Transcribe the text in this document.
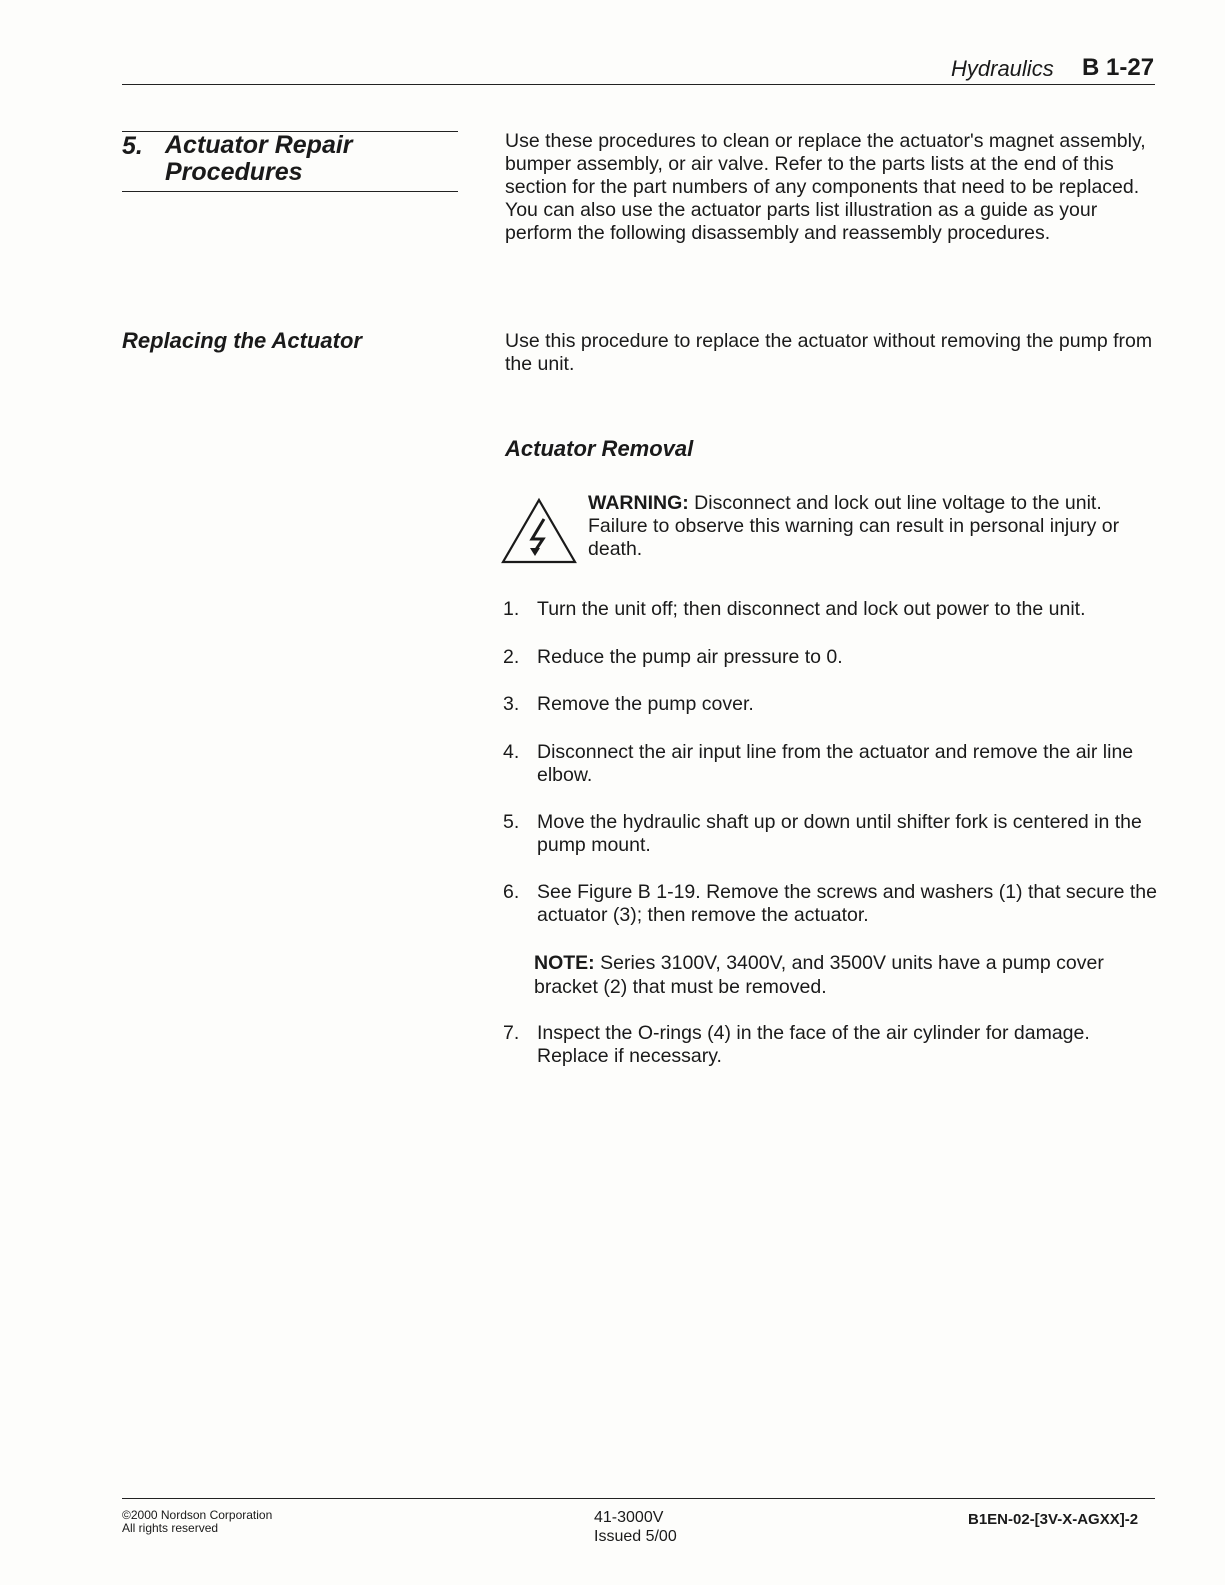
Hydraulics B 1-27
5. Actuator Repair
Procedures
Replacing the Actuator
Use these procedures to clean or replace the actuator's magnet assembly, bumper assembly, or air valve. Refer to the parts lists at the end of this section for the part numbers of any components that need to be replaced. You can also use the actuator parts list illustration as a guide as your perform the following disassembly and reassembly procedures.
Use this procedure to replace the actuator without removing the pump from the unit.
Actuator Removal
WARNING: Disconnect and lock out line voltage to the unit. Failure to observe this warning can result in personal injury or death.
1. Turn the unit off; then disconnect and lock out power to the unit.
2. Reduce the pump air pressure to 0.
3. Remove the pump cover.
4. Disconnect the air input line from the actuator and remove the air line elbow.
5. Move the hydraulic shaft up or down until shifter fork is centered in the pump mount.
6. See Figure B 1-19. Remove the screws and washers (1) that secure the actuator (3); then remove the actuator.
NOTE: Series 3100V, 3400V, and 3500V units have a pump cover bracket (2) that must be removed.
7. Inspect the O-rings (4) in the face of the air cylinder for damage. Replace if necessary.
©2000 Nordson Corporation
All rights reserved
41-3000V
Issued 5/00
B1EN-02-[3V-X-AGXX]-2
